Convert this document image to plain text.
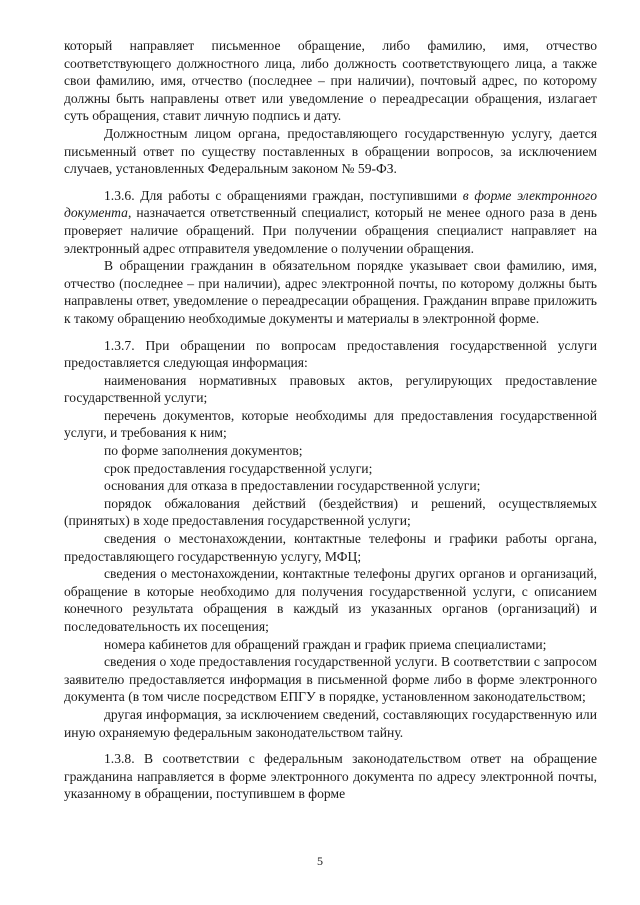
который направляет письменное обращение, либо фамилию, имя, отчество соответствующего должностного лица, либо должность соответствующего лица, а также свои фамилию, имя, отчество (последнее – при наличии), почтовый адрес, по которому должны быть направлены ответ или уведомление о переадресации обращения, излагает суть обращения, ставит личную подпись и дату.

Должностным лицом органа, предоставляющего государственную услугу, дается письменный ответ по существу поставленных в обращении вопросов, за исключением случаев, установленных Федеральным законом № 59-ФЗ.

1.3.6. Для работы с обращениями граждан, поступившими в форме электронного документа, назначается ответственный специалист, который не менее одного раза в день проверяет наличие обращений. При получении обращения специалист направляет на электронный адрес отправителя уведомление о получении обращения.

В обращении гражданин в обязательном порядке указывает свои фамилию, имя, отчество (последнее – при наличии), адрес электронной почты, по которому должны быть направлены ответ, уведомление о переадресации обращения. Гражданин вправе приложить к такому обращению необходимые документы и материалы в электронной форме.

1.3.7. При обращении по вопросам предоставления государственной услуги предоставляется следующая информация:

наименования нормативных правовых актов, регулирующих предоставление государственной услуги;

перечень документов, которые необходимы для предоставления государственной услуги, и требования к ним;

по форме заполнения документов;

срок предоставления государственной услуги;

основания для отказа в предоставлении государственной услуги;

порядок обжалования действий (бездействия) и решений, осуществляемых (принятых) в ходе предоставления государственной услуги;

сведения о местонахождении, контактные телефоны и графики работы органа, предоставляющего государственную услугу, МФЦ;

сведения о местонахождении, контактные телефоны других органов и организаций, обращение в которые необходимо для получения государственной услуги, с описанием конечного результата обращения в каждый из указанных органов (организаций) и последовательность их посещения;

номера кабинетов для обращений граждан и график приема специалистами;

сведения о ходе предоставления государственной услуги. В соответствии с запросом заявителю предоставляется информация в письменной форме либо в форме электронного документа (в том числе посредством ЕПГУ в порядке, установленном законодательством;

другая информация, за исключением сведений, составляющих государственную или иную охраняемую федеральным законодательством тайну.

1.3.8. В соответствии с федеральным законодательством ответ на обращение гражданина направляется в форме электронного документа по адресу электронной почты, указанному в обращении, поступившем в форме

5
